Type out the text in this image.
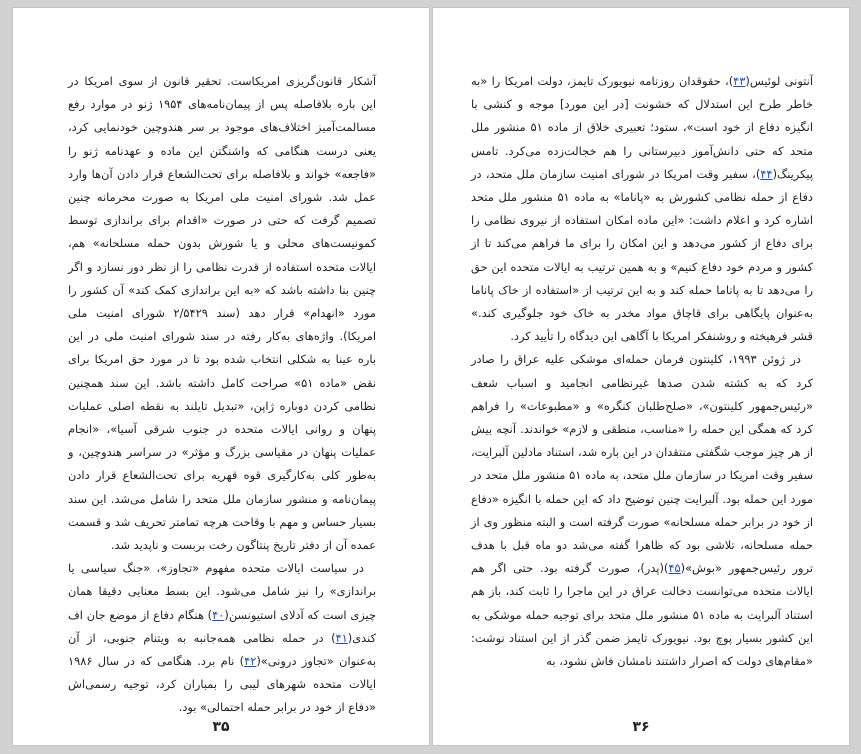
آشکار قانون‌گریزی امریکاست. تحقیر قانون از سوی امریکا در این باره بلافاصله پس از پیمان‌نامه‌های ۱۹۵۴ ژنو در موارد رفع مسالمت‌آمیز اختلاف‌های موجود بر سر هندوچین خودنمایی کرد، یعنی درست هنگامی که واشنگتن این ماده و عهدنامه ژنو را «فاجعه» خواند و بلافاصله برای تحت‌الشعاع قرار دادن آن‌ها وارد عمل شد. شورای امنیت ملی امریکا به صورت محرمانه چنین تصمیم گرفت که حتی در صورت «اقدام برای براندازی توسط کمونیست‌های محلی و یا شورش بدون حمله مسلحانه» هم، ایالات متحده استفاده از قدرت نظامی را از نظر دور نسازد و اگر چنین بنا داشته باشد که «به این براندازی کمک کند» آن کشور را مورد «انهدام» قرار دهد (سند ۲/۵۴۲۹ شورای امنیت ملی امریکا). واژه‌های به‌کار رفته در سند شورای امنیت ملی در این باره عینا به شکلی انتخاب شده بود تا در مورد حق امریکا برای نقض «ماده ۵۱» صراحت کامل داشته باشد. این سند همچنین نظامی کردن دوباره ژاپن، «تبدیل تایلند به نقطه اصلی عملیات پنهان و روانی ایالات متحده در جنوب شرقی آسیا»، «انجام عملیات پنهان در مقیاسی بزرگ و مؤثر» در سراسر هندوچین، و به‌طور کلی به‌کارگیری قوه قهریه برای تحت‌الشعاع قرار دادن پیمان‌نامه و منشور سازمان ملل متحد را شامل می‌شد. این سند بسیار حساس و مهم با وقاحت هرچه تمامتر تحریف شد و قسمت عمده آن از دفتر تاریخ پنتاگون رخت بربست و ناپدید شد.

در سیاست ایالات متحده مفهوم «تجاوز»، «جنگ سیاسی یا براندازی» را نیز شامل می‌شود. این بسط معنایی دقیقا همان چیزی است که آدلای استیونسن(۴۰) هنگام دفاع از موضع جان اف کندی(۴۱) در حمله نظامی همه‌جانبه به ویتنام جنوبی، از آن به‌عنوان «تجاوز درونی»(۴۲) نام برد. هنگامی که در سال ۱۹۸۶ ایالات متحده شهرهای لیبی را بمباران کرد، توجیه رسمی‌اش «دفاع از خود در برابر حمله احتمالی» بود.

۳۵

آنتونی لوئیس(۴۳)، حقوقدان روزنامه نیویورک تایمز، دولت امریکا را «به خاطر طرح این استدلال که خشونت [در این مورد] موجه و کنشی با انگیزه دفاع از خود است»، ستود؛ تعبیری خلاق از ماده ۵۱ منشور ملل متحد که حتی دانش‌آموز دبیرستانی را هم خجالت‌زده می‌کرد. تامس پیکرینگ(۴۴)، سفیر وقت امریکا در شورای امنیت سازمان ملل متحد، در دفاع از حمله نظامی کشورش به «پاناما» به ماده ۵۱ منشور ملل متحد اشاره کرد و اعلام داشت: «این ماده امکان استفاده از نیروی نظامی را برای دفاع از کشور می‌دهد و این امکان را برای ما فراهم می‌کند تا از کشور و مردم خود دفاع کنیم» و به همین ترتیب به ایالات متحده این حق را می‌دهد تا به پاناما حمله کند و به این ترتیب از «استفاده از خاک پاناما به‌عنوان پایگاهی برای قاچاق مواد مخدر به خاک خود جلوگیری کند.» قشر فرهیخته و روشنفکر امریکا با آگاهی این دیدگاه را تأیید کرد.

در ژوئن ۱۹۹۳، کلینتون فرمان حمله‌ای موشکی علیه عراق را صادر کرد که به کشته شدن صدها غیرنظامی انجامید و اسباب شعف «رئیس‌جمهور کلینتون»، «صلح‌طلبان کنگره» و «مطبوعات» را فراهم کرد که همگی این حمله را «مناسب، منطقی و لازم» خواندند. آنچه بیش از هر چیز موجب شگفتی منتقدان در این باره شد، استناد مادلین آلبرایت، سفیر وقت امریکا در سازمان ملل متحد، به ماده ۵۱ منشور ملل متحد در مورد این حمله بود. آلبرایت چنین توضیح داد که این حمله با انگیزه «دفاع از خود در برابر حمله مسلحانه» صورت گرفته است و البته منظور وی از حمله مسلحانه، تلاشی بود که ظاهرا گفته می‌شد دو ماه قبل با هدف ترور رئیس‌جمهور «بوش»(۴۵)(پدر)، صورت گرفته بود. حتی اگر هم ایالات متحده می‌توانست دخالت عراق در این ماجرا را ثابت کند، باز هم استناد آلبرایت به ماده ۵۱ منشور ملل متحد برای توجیه حمله موشکی به این کشور بسیار پوچ بود. نیویورک تایمز ضمن گذر از این استناد نوشت: «مقام‌های دولت که اصرار داشتند نامشان فاش نشود، به

۳۶
